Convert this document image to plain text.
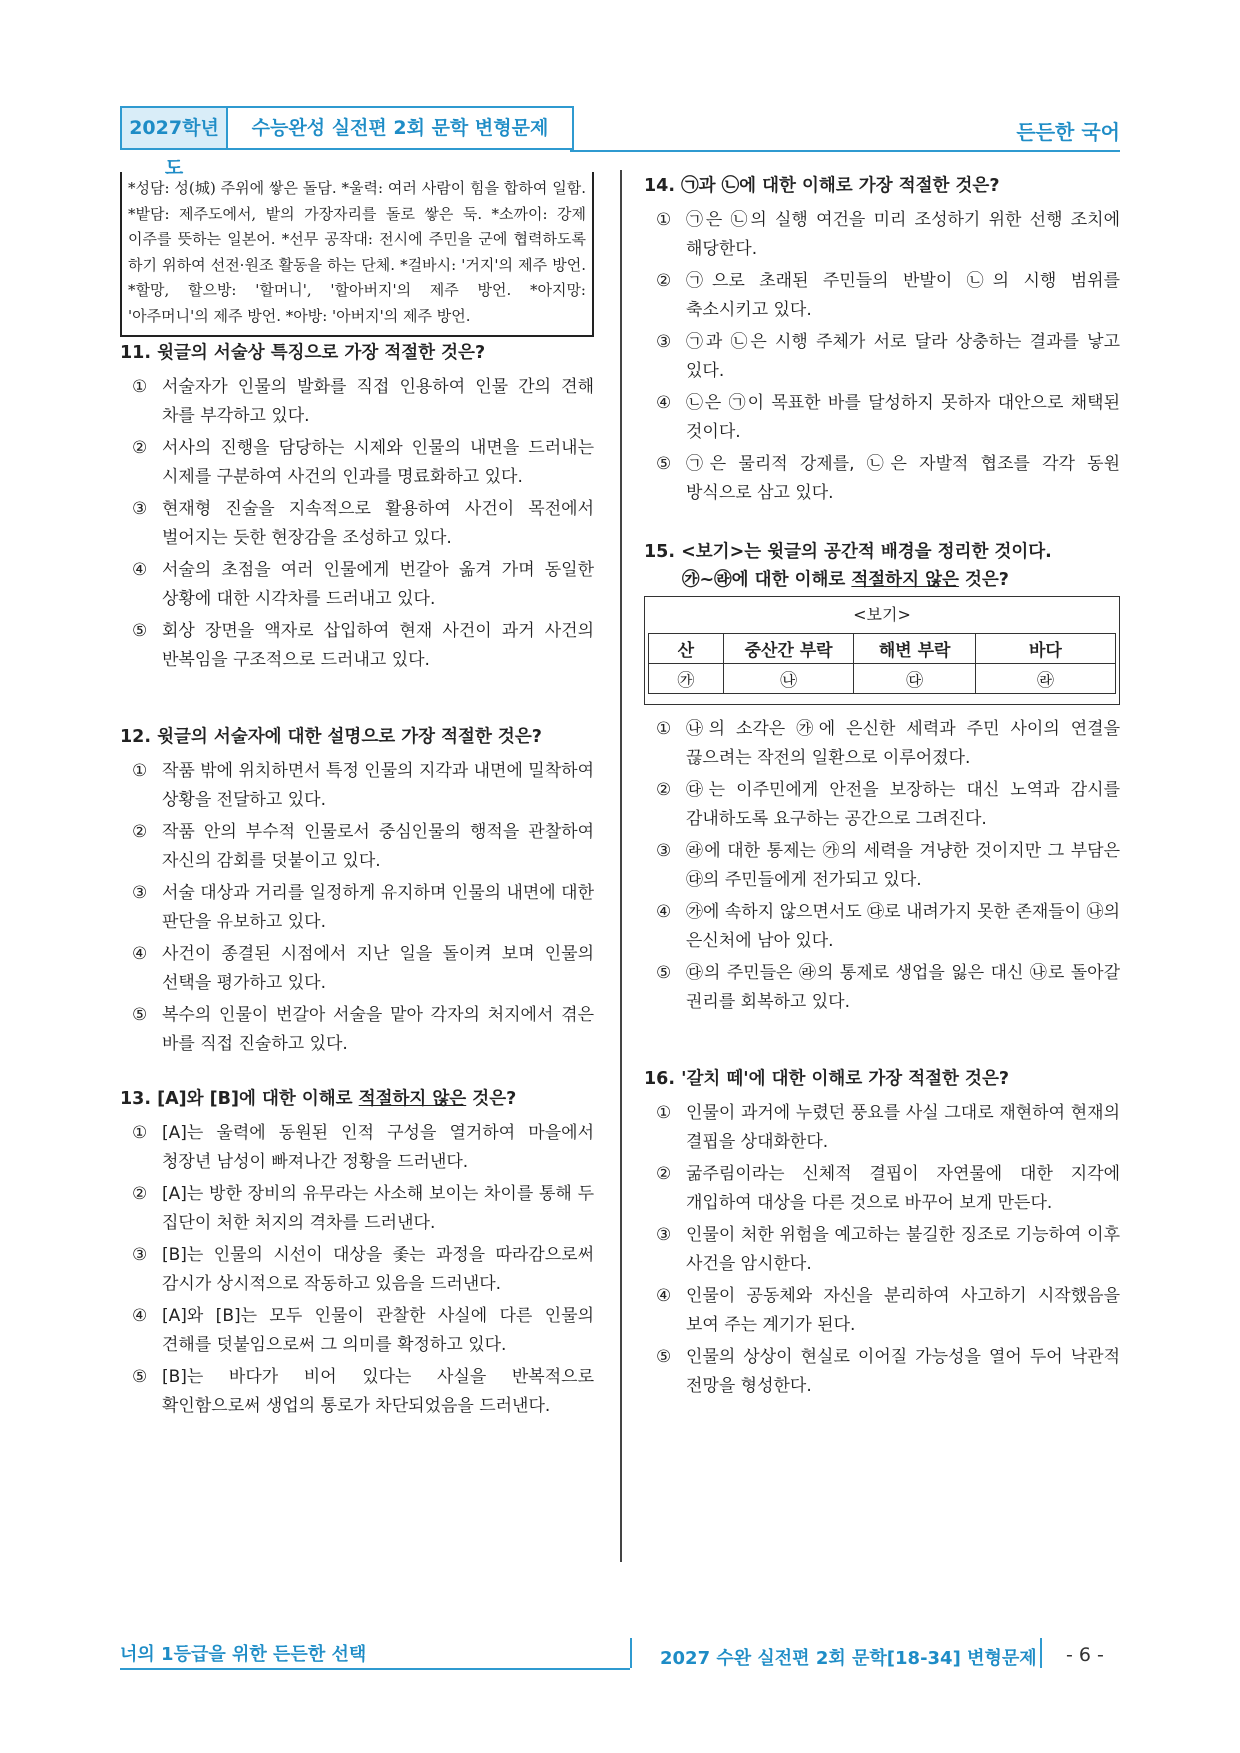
2027학년도
수능완성 실전편 2회 문학 변형문제	든든한 국어
*성담: 성(城) 주위에 쌓은 돌담. *울력: 여러 사람이 힘을 합하여 일함. *밭담: 제주도에서, 밭의 가장자리를 돌로 쌓은 둑. *소까이: 강제 이주를 뜻하는 일본어. *선무 공작대: 전시에 주민을 군에 협력하도록 하기 위하여 선전·원조 활동을 하는 단체. *걸바시: '거지'의 제주 방언. *할망, 할으방: '할머니', '할아버지'의 제주 방언. *아지망: '아주머니'의 제주 방언. *아방: '아버지'의 제주 방언.
11. 윗글의 서술상 특징으로 가장 적절한 것은?
① 서술자가 인물의 발화를 직접 인용하여 인물 간의 견해 차를 부각하고 있다.
② 서사의 진행을 담당하는 시제와 인물의 내면을 드러내는 시제를 구분하여 사건의 인과를 명료화하고 있다.
③ 현재형 진술을 지속적으로 활용하여 사건이 목전에서 벌어지는 듯한 현장감을 조성하고 있다.
④ 서술의 초점을 여러 인물에게 번갈아 옮겨 가며 동일한 상황에 대한 시각차를 드러내고 있다.
⑤ 회상 장면을 액자로 삽입하여 현재 사건이 과거 사건의 반복임을 구조적으로 드러내고 있다.
12. 윗글의 서술자에 대한 설명으로 가장 적절한 것은?
① 작품 밖에 위치하면서 특정 인물의 지각과 내면에 밀착하여 상황을 전달하고 있다.
② 작품 안의 부수적 인물로서 중심인물의 행적을 관찰하여 자신의 감회를 덧붙이고 있다.
③ 서술 대상과 거리를 일정하게 유지하며 인물의 내면에 대한 판단을 유보하고 있다.
④ 사건이 종결된 시점에서 지난 일을 돌이켜 보며 인물의 선택을 평가하고 있다.
⑤ 복수의 인물이 번갈아 서술을 맡아 각자의 처지에서 겪은 바를 직접 진술하고 있다.
13. [A]와 [B]에 대한 이해로 적절하지 않은 것은?
① [A]는 울력에 동원된 인적 구성을 열거하여 마을에서 청장년 남성이 빠져나간 정황을 드러낸다.
② [A]는 방한 장비의 유무라는 사소해 보이는 차이를 통해 두 집단이 처한 처지의 격차를 드러낸다.
③ [B]는 인물의 시선이 대상을 좇는 과정을 따라감으로써 감시가 상시적으로 작동하고 있음을 드러낸다.
④ [A]와 [B]는 모두 인물이 관찰한 사실에 다른 인물의 견해를 덧붙임으로써 그 의미를 확정하고 있다.
⑤ [B]는 바다가 비어 있다는 사실을 반복적으로 확인함으로써 생업의 통로가 차단되었음을 드러낸다.
14. ㉠과 ㉡에 대한 이해로 가장 적절한 것은?
① ㉠은 ㉡의 실행 여건을 미리 조성하기 위한 선행 조치에 해당한다.
② ㉠으로 초래된 주민들의 반발이 ㉡의 시행 범위를 축소시키고 있다.
③ ㉠과 ㉡은 시행 주체가 서로 달라 상충하는 결과를 낳고 있다.
④ ㉡은 ㉠이 목표한 바를 달성하지 못하자 대안으로 채택된 것이다.
⑤ ㉠은 물리적 강제를, ㉡은 자발적 협조를 각각 동원 방식으로 삼고 있다.
15. <보기>는 윗글의 공간적 배경을 정리한 것이다.
㉮~㉱에 대한 이해로 적절하지 않은 것은?
<보기>
산	중산간 부락	해변 부락	바다
㉮	㉯	㉰	㉱
① ㉯의 소각은 ㉮에 은신한 세력과 주민 사이의 연결을 끊으려는 작전의 일환으로 이루어졌다.
② ㉰는 이주민에게 안전을 보장하는 대신 노역과 감시를 감내하도록 요구하는 공간으로 그려진다.
③ ㉱에 대한 통제는 ㉮의 세력을 겨냥한 것이지만 그 부담은 ㉰의 주민들에게 전가되고 있다.
④ ㉮에 속하지 않으면서도 ㉰로 내려가지 못한 존재들이 ㉯의 은신처에 남아 있다.
⑤ ㉰의 주민들은 ㉱의 통제로 생업을 잃은 대신 ㉯로 돌아갈 권리를 회복하고 있다.
16. '갈치 떼'에 대한 이해로 가장 적절한 것은?
① 인물이 과거에 누렸던 풍요를 사실 그대로 재현하여 현재의 결핍을 상대화한다.
② 굶주림이라는 신체적 결핍이 자연물에 대한 지각에 개입하여 대상을 다른 것으로 바꾸어 보게 만든다.
③ 인물이 처한 위험을 예고하는 불길한 징조로 기능하여 이후 사건을 암시한다.
④ 인물이 공동체와 자신을 분리하여 사고하기 시작했음을 보여 주는 계기가 된다.
⑤ 인물의 상상이 현실로 이어질 가능성을 열어 두어 낙관적 전망을 형성한다.
너의 1등급을 위한 든든한 선택	2027 수완 실전편 2회 문학[18-34] 변형문제 - 6 -
